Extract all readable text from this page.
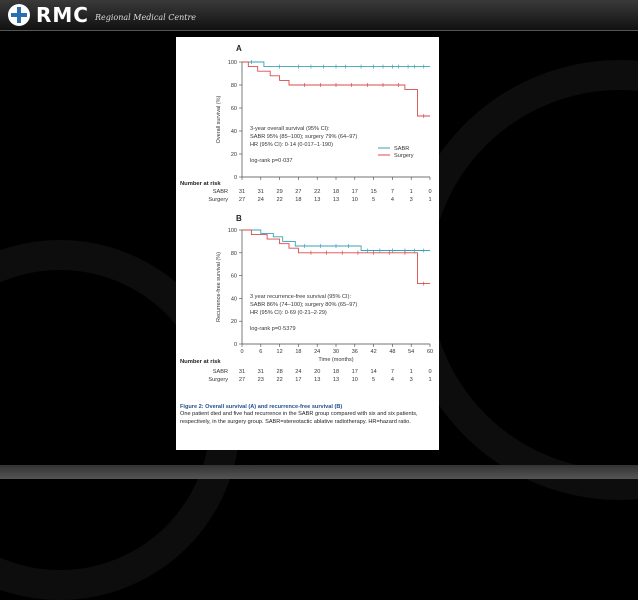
RMC Regional Medical Centre
A
0
20
40
60
80
100
Overall survival (%)	3-year overall survival (95% CI):
SABR 95% (85–100); surgery 79% (64–97)
HR (95% CI): 0·14 (0·017–1·190)
log-rank p=0·037
SABR
Surgery
Number at risk
SABR 31 31 29 27 22 18 17 15	7	1	0
Surgery 27 24 22 18 13 13 10	5	4	3	1
B
0
20
40
60
80
100
Recurrence-free survival (%)
0	6	12 18 24 30 36 42 48 54 60
Time (months)
3 year recurrence-free survival (95% CI):
SABR 86% (74–100); surgery 80% (65–97)
HR (95% CI): 0·69 (0·21–2·29)
log-rank p=0·5379
Number at risk
SABR 31 31 28 24 20 18 17 14	7	1	0
Surgery 27 23 22 17 13 13 10	5	4	3	1
Figure 2: Overall survival (A) and recurrence-free survival (B)
One patient died and five had recurrence in the SABR group compared with six and six patients, respectively, in the surgery group. SABR=stereotactic ablative radiotherapy. HR=hazard ratio.
